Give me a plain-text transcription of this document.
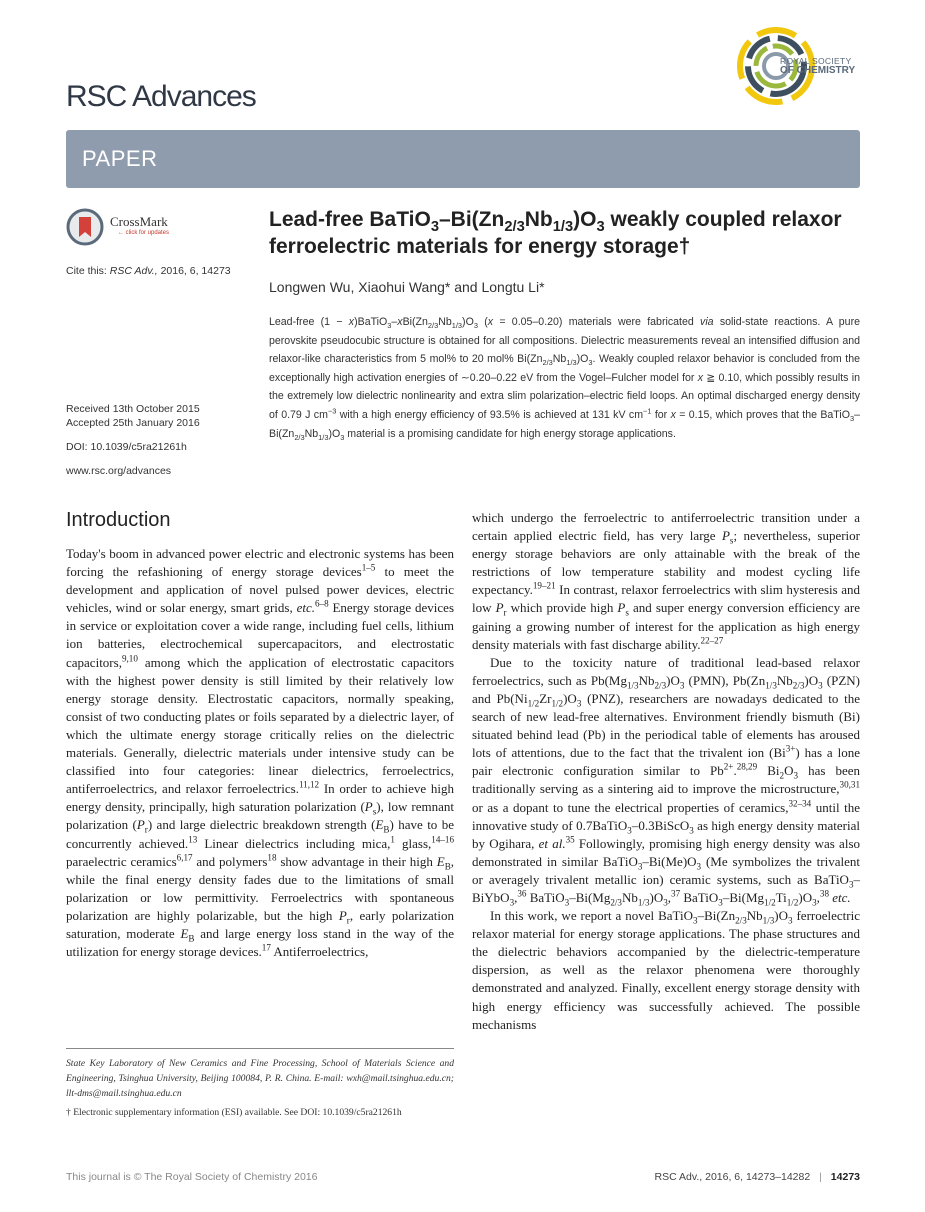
RSC Advances
ROYAL SOCIETY
OF CHEMISTRY
PAPER
CrossMark
← click for updates
Cite this: RSC Adv., 2016, 6, 14273
Received 13th October 2015
Accepted 25th January 2016
DOI: 10.1039/c5ra21261h
www.rsc.org/advances
Lead-free $BaTiO_3-Bi(Zn_{2/3}Nb_{1/3})O_3$ weakly coupled relaxor ferroelectric materials for energy storage†
Longwen Wu, Xiaohui Wang* and Longtu Li*
Lead-free $(1 - x)BaTiO_3-xBi(Zn_{2/3}Nb_{1/3})O_3$ (x = 0.05–0.20) materials were fabricated via solid-state reactions. A pure perovskite pseudocubic structure is obtained for all compositions. Dielectric measurements reveal an intensified diffusion and relaxor-like characteristics from 5 mol% to 20 mol% $Bi(Zn_{2/3}Nb_{1/3})O_3$. Weakly coupled relaxor behavior is concluded from the exceptionally high activation energies of ∼0.20–0.22 eV from the Vogel–Fulcher model for x ≧ 0.10, which possibly results in the extremely low dielectric nonlinearity and extra slim polarization–electric field loops. An optimal discharged energy density of 0.79 J $cm^{-3}$ with a high energy efficiency of 93.5% is achieved at 131 kV $cm^{-1}$ for x = 0.15, which proves that the $BaTiO_3-Bi(Zn_{2/3}Nb_{1/3})O_3$ material is a promising candidate for high energy storage applications.
Introduction

Today's boom in advanced power electric and electronic systems has been forcing the refashioning of energy storage devices$^{1-5}$ to meet the development and application of novel pulsed power devices, electric vehicles, wind or solar energy, smart grids, etc.$^{6-8}$ Energy storage devices in service or exploitation cover a wide range, including fuel cells, lithium ion batteries, electrochemical supercapacitors, and electrostatic capacitors,$^{9,10}$ among which the application of electrostatic capacitors with the highest power density is still limited by their relatively low energy storage density. Electrostatic capacitors, normally speaking, consist of two conducting plates or foils separated by a dielectric layer, of which the ultimate energy storage critically relies on the dielectric materials. Generally, dielectric materials under intensive study can be classified into four categories: linear dielectrics, ferroelectrics, antiferroelectrics, and relaxor ferroelectrics.$^{11,12}$ In order to achieve high energy density, principally, high saturation polarization $(P_s)$, low remnant polarization $(P_r)$ and large dielectric breakdown strength $(E_B)$ have to be concurrently achieved.$^{13}$ Linear dielectrics including mica,$^1$ glass,$^{14-16}$ paraelectric ceramics$^{6,17}$ and polymers$^{18}$ show advantage in their high $E_B$, while the final energy density fades due to the limitations of small polarization or low permittivity. Ferroelectrics with spontaneous polarization are highly polarizable, but the high $P_r$, early polarization saturation, moderate $E_B$ and large energy loss stand in the way of the utilization for energy storage devices.$^{17}$ Antiferroelectrics,

State Key Laboratory of New Ceramics and Fine Processing, School of Materials Science and Engineering, Tsinghua University, Beijing 100084, P. R. China. E-mail: wxh@mail.tsinghua.edu.cn; llt-dms@mail.tsinghua.edu.cn

† Electronic supplementary information (ESI) available. See DOI: 10.1039/c5ra21261h

which undergo the ferroelectric to antiferroelectric transition under a certain applied electric field, has very large $P_s$; nevertheless, superior energy storage behaviors are only attainable with the break of the restrictions of low temperature stability and modest cycling life expectancy.$^{19-21}$ In contrast, relaxor ferroelectrics with slim hysteresis and low $P_r$ which provide high $P_s$ and super energy conversion efficiency are gaining a growing number of interest for the application as high energy density materials with fast discharge ability.$^{22-27}$

Due to the toxicity nature of traditional lead-based relaxor ferroelectrics, such as $Pb(Mg_{1/3}Nb_{2/3})O_3$ (PMN), $Pb(Zn_{1/3}Nb_{2/3})O_3$ (PZN) and $Pb(Ni_{1/2}Zr_{1/2})O_3$ (PNZ), researchers are nowadays dedicated to the search of new lead-free alternatives. Environment friendly bismuth (Bi) situated behind lead (Pb) in the periodical table of elements has aroused lots of attentions, due to the fact that the trivalent ion $(Bi^{3+})$ has a lone pair electronic configuration similar to $Pb^{2+}.^{28,29}$ $Bi_2O_3$ has been traditionally serving as a sintering aid to improve the microstructure,$^{30,31}$ or as a dopant to tune the electrical properties of ceramics,$^{32-34}$ until the innovative study of 0.7BaTiO$_3$–0.3BiScO$_3$ as high energy density material by Ogihara, et al.$^{35}$ Followingly, promising high energy density was also demonstrated in similar $BaTiO_3-Bi(Me)O_3$ (Me symbolizes the trivalent or averagely trivalent metallic ion) ceramic systems, such as BaTiO$_3$–BiYbO$_3$,$^{36}$ $BaTiO_3-Bi(Mg_{2/3}Nb_{1/3})O_3,^{37}$ $BaTiO_3-Bi(Mg_{1/2}Ti_{1/2})O_3,^{38}$ etc.

In this work, we report a novel $BaTiO_3-Bi(Zn_{2/3}Nb_{1/3})O_3$ ferroelectric relaxor material for energy storage applications. The phase structures and the dielectric behaviors accompanied by the dielectric-temperature dispersion, as well as the relaxor phenomena were thoroughly demonstrated and analyzed. Finally, excellent energy storage density with high energy efficiency was successfully achieved. The possible mechanisms

This journal is © The Royal Society of Chemistry 2016	RSC Adv., 2016, 6, 14273–14282 | 14273
